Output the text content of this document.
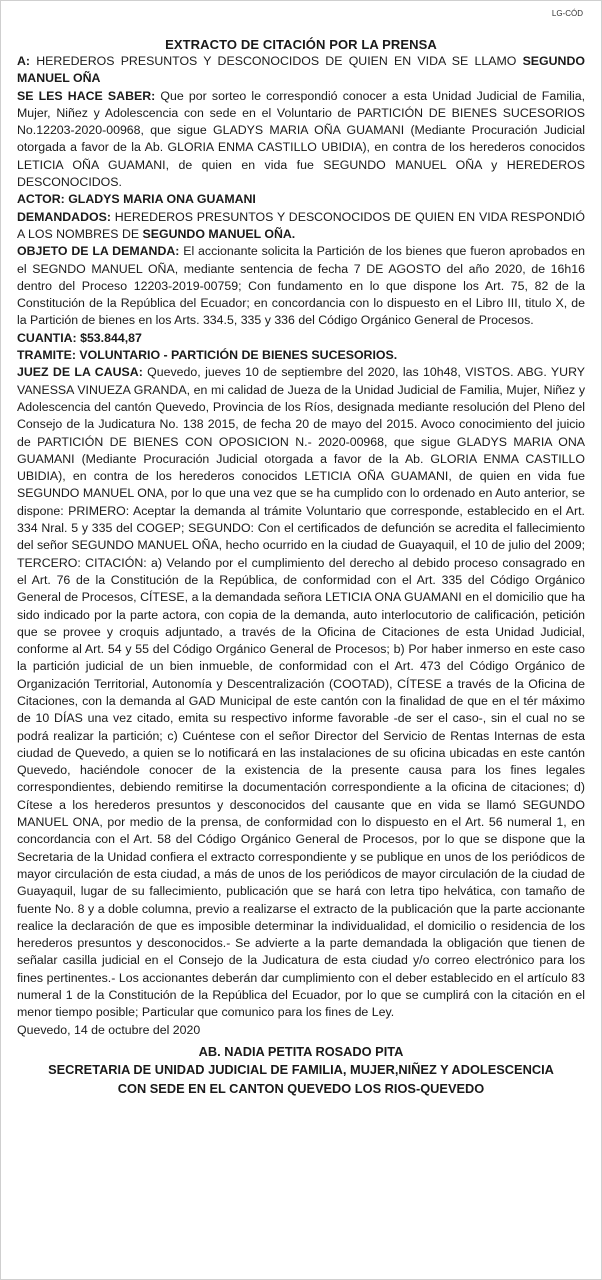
LG-CÓD
EXTRACTO DE CITACIÓN POR LA PRENSA

A: HEREDEROS PRESUNTOS Y DESCONOCIDOS DE QUIEN EN VIDA SE LLAMO SEGUNDO MANUEL OÑA

SE LES HACE SABER: Que por sorteo le correspondió conocer a esta Unidad Judicial de Familia, Mujer, Niñez y Adolescencia con sede en el Voluntario de PARTICIÓN DE BIENES SUCESORIOS No.12203-2020-00968, que sigue GLADYS MARIA OÑA GUAMANI (Mediante Procuración Judicial otorgada a favor de la Ab. GLORIA ENMA CASTILLO UBIDIA), en contra de los herederos conocidos LETICIA OÑA GUAMANI, de quien en vida fue SEGUNDO MANUEL OÑA y HEREDEROS DESCONOCIDOS.

ACTOR: GLADYS MARIA ONA GUAMANI

DEMANDADOS: HEREDEROS PRESUNTOS Y DESCONOCIDOS DE QUIEN EN VIDA RESPONDIÓ A LOS NOMBRES DE SEGUNDO MANUEL OÑA.

OBJETO DE LA DEMANDA: El accionante solicita la Partición de los bienes que fueron aprobados en el SEGNDO MANUEL OÑA, mediante sentencia de fecha 7 DE AGOSTO del año 2020, de 16h16 dentro del Proceso 12203-2019-00759; Con fundamento en lo que dispone los Art. 75, 82 de la Constitución de la República del Ecuador; en concordancia con lo dispuesto en el Libro III, titulo X, de la Partición de bienes en los Arts. 334.5, 335 y 336 del Código Orgánico General de Procesos.

CUANTIA: $53.844,87

TRAMITE: VOLUNTARIO - PARTICIÓN DE BIENES SUCESORIOS.

JUEZ DE LA CAUSA: Quevedo, jueves 10 de septiembre del 2020, las 10h48, VISTOS. ABG. YURY VANESSA VINUEZA GRANDA, en mi calidad de Jueza de la Unidad Judicial de Familia, Mujer, Niñez y Adolescencia del cantón Quevedo, Provincia de los Ríos, designada mediante resolución del Pleno del Consejo de la Judicatura No. 138 2015, de fecha 20 de mayo del 2015. Avoco conocimiento del juicio de PARTICIÓN DE BIENES CON OPOSICION N.- 2020-00968, que sigue GLADYS MARIA ONA GUAMANI (Mediante Procuración Judicial otorgada a favor de la Ab. GLORIA ENMA CASTILLO UBIDIA), en contra de los herederos conocidos LETICIA OÑA GUAMANI, de quien en vida fue SEGUNDO MANUEL ONA, por lo que una vez que se ha cumplido con lo ordenado en Auto anterior, se dispone: PRIMERO: Aceptar la demanda al trámite Voluntario que corresponde, establecido en el Art. 334 Nral. 5 y 335 del COGEP; SEGUNDO: Con el certificados de defunción se acredita el fallecimiento del señor SEGUNDO MANUEL OÑA, hecho ocurrido en la ciudad de Guayaquil, el 10 de julio del 2009; TERCERO: CITACIÓN: a) Velando por el cumplimiento del derecho al debido proceso consagrado en el Art. 76 de la Constitución de la República, de conformidad con el Art. 335 del Código Orgánico General de Procesos, CÍTESE, a la demandada señora LETICIA ONA GUAMANI en el domicilio que ha sido indicado por la parte actora, con copia de la demanda, auto interlocutorio de calificación, petición que se provee y croquis adjuntado, a través de la Oficina de Citaciones de esta Unidad Judicial, conforme al Art. 54 y 55 del Código Orgánico General de Procesos; b) Por haber inmerso en este caso la partición judicial de un bien inmueble, de conformidad con el Art. 473 del Código Orgánico de Organización Territorial, Autonomía y Descentralización (COOTAD), CÍTESE a través de la Oficina de Citaciones, con la demanda al GAD Municipal de este cantón con la finalidad de que en el tér máximo de 10 DÍAS una vez citado, emita su respectivo informe favorable -de ser el caso-, sin el cual no se podrá realizar la partición; c) Cuéntese con el señor Director del Servicio de Rentas Internas de esta ciudad de Quevedo, a quien se lo notificará en las instalaciones de su oficina ubicadas en este cantón Quevedo, haciéndole conocer de la existencia de la presente causa para los fines legales correspondientes, debiendo remitirse la documentación correspondiente a la oficina de citaciones; d) Cítese a los herederos presuntos y desconocidos del causante que en vida se llamó SEGUNDO MANUEL ONA, por medio de la prensa, de conformidad con lo dispuesto en el Art. 56 numeral 1, en concordancia con el Art. 58 del Código Orgánico General de Procesos, por lo que se dispone que la Secretaria de la Unidad confiera el extracto correspondiente y se publique en unos de los periódicos de mayor circulación de esta ciudad, a más de unos de los periódicos de mayor circulación de la ciudad de Guayaquil, lugar de su fallecimiento, publicación que se hará con letra tipo helvática, con tamaño de fuente No. 8 y a doble columna, previo a realizarse el extracto de la publicación que la parte accionante realice la declaración de que es imposible determinar la individualidad, el domicilio o residencia de los herederos presuntos y desconocidos.- Se advierte a la parte demandada la obligación que tienen de señalar casilla judicial en el Consejo de la Judicatura de esta ciudad y/o correo electrónico para los fines pertinentes.- Los accionantes deberán dar cumplimiento con el deber establecido en el artículo 83 numeral 1 de la Constitución de la República del Ecuador, por lo que se cumplirá con la citación en el menor tiempo posible; Particular que comunico para los fines de Ley.

Quevedo, 14 de octubre del 2020

AB. NADIA PETITA ROSADO PITA
SECRETARIA DE UNIDAD JUDICIAL DE FAMILIA, MUJER,NIÑEZ Y ADOLESCENCIA
CON SEDE EN EL CANTON QUEVEDO LOS RIOS-QUEVEDO
